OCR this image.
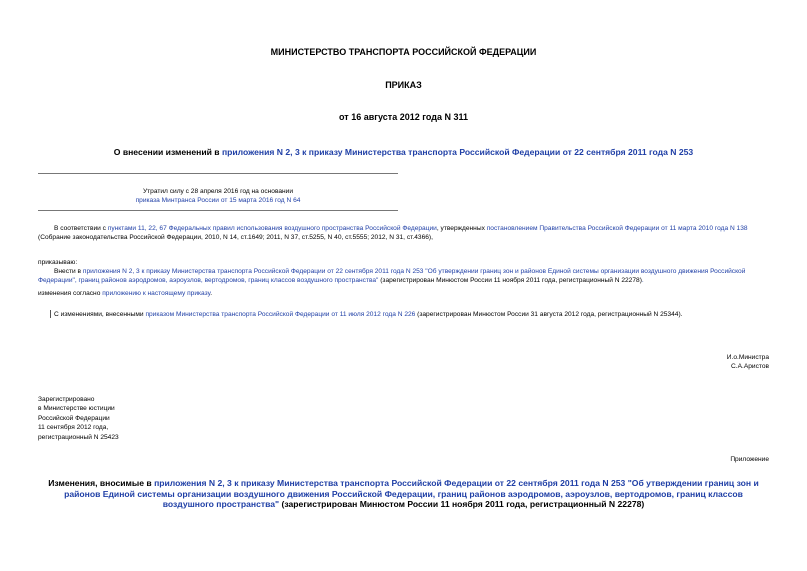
МИНИСТЕРСТВО ТРАНСПОРТА РОССИЙСКОЙ ФЕДЕРАЦИИ
ПРИКАЗ
от 16 августа 2012 года N 311
О внесении изменений в приложения N 2, 3 к приказу Министерства транспорта Российской Федерации от 22 сентября 2011 года N 253
Утратил силу с 28 апреля 2016 год на основании
приказа Минтранса России от 15 марта 2016 год N 64
В соответствии с пунктами 11, 22, 67 Федеральных правил использования воздушного пространства Российской Федерации, утвержденных постановлением Правительства Российской Федерации от 11 марта 2010 года N 138 (Собрание законодательства Российской Федерации, 2010, N 14, ст.1649; 2011, N 37, ст.5255, N 40, ст.5555; 2012, N 31, ст.4366),
приказываю:
Внести в приложения N 2, 3 к приказу Министерства транспорта Российской Федерации от 22 сентября 2011 года N 253 "Об утверждении границ зон и районов Единой системы организации воздушного движения Российской Федерации", границ районов аэродромов, аэроузлов, вертодромов, границ классов воздушного пространства" (зарегистрирован Минюстом России 11 ноября 2011 года, регистрационный N 22278).
изменения согласно приложению к настоящему приказу.
С изменениями, внесенными приказом Министерства транспорта Российской Федерации от 11 июля 2012 года N 226 (зарегистрирован Минюстом России 31 августа 2012 года, регистрационный N 25344).
И.о.Министра
С.А.Аристов
Зарегистрировано
в Министерстве юстиции
Российской Федерации
11 сентября 2012 года,
регистрационный N 25423
Приложение
Изменения, вносимые в приложения N 2, 3 к приказу Министерства транспорта Российской Федерации от 22 сентября 2011 года N 253 "Об утверждении границ зон и районов Единой системы организации воздушного движения Российской Федерации, границ районов аэродромов, аэроузлов, вертодромов, границ классов воздушного пространства" (зарегистрирован Минюстом России 11 ноября 2011 года, регистрационный N 22278)
